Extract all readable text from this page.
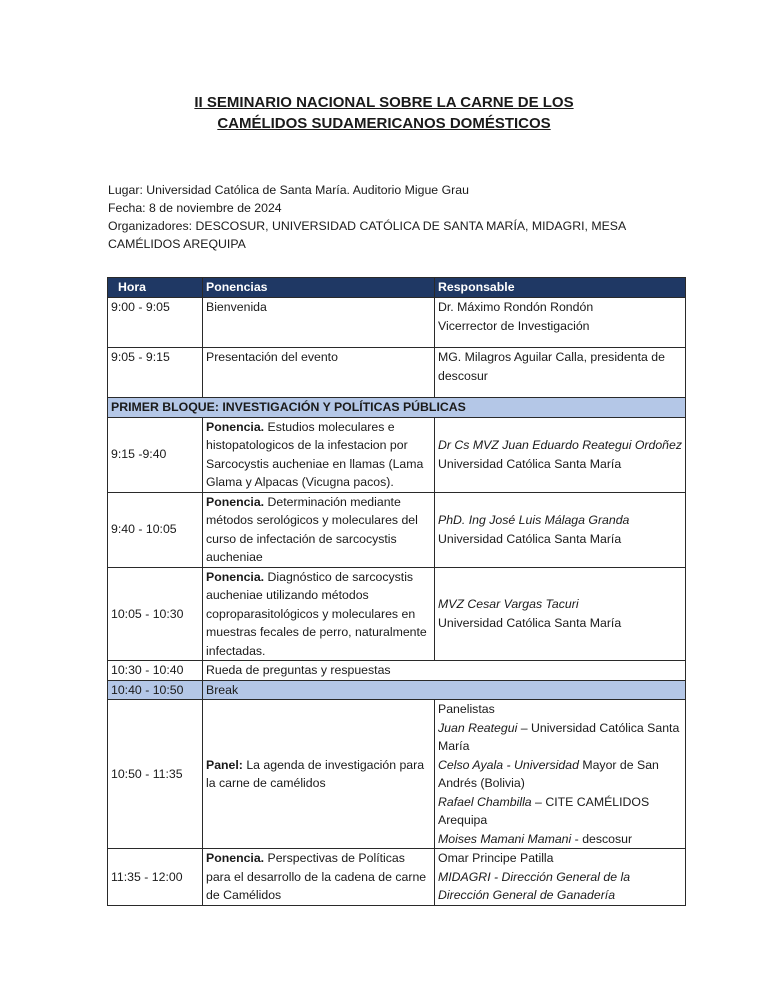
II SEMINARIO NACIONAL SOBRE LA CARNE DE LOS
CAMÉLIDOS SUDAMERICANOS DOMÉSTICOS
Lugar: Universidad Católica de Santa María. Auditorio Migue Grau
Fecha: 8 de noviembre de 2024
Organizadores: DESCOSUR, UNIVERSIDAD CATÓLICA DE SANTA MARÍA, MIDAGRI, MESA
CAMÉLIDOS AREQUIPA
Hora	Ponencias	Responsable
9:00 - 9:05	Bienvenida	Dr. Máximo Rondón Rondón
Vicerrector de Investigación

9:05 - 9:15	Presentación del evento	MG. Milagros Aguilar Calla, presidenta de
descosur

PRIMER BLOQUE: INVESTIGACIÓN Y POLÍTICAS PÚBLICAS		
9:15 -9:40	Ponencia. Estudios moleculares e histopatologicos de la infestacion por Sarcocystis aucheniae en llamas (Lama Glama y Alpacas (Vicugna pacos).	Dr Cs MVZ Juan Eduardo Reategui Ordoñez
Universidad Católica Santa María

9:40 - 10:05	Ponencia. Determinación mediante métodos serológicos y moleculares del curso de infectación de sarcocystis aucheniae	PhD. Ing José Luis Málaga Granda
Universidad Católica Santa María

10:05 - 10:30	Ponencia. Diagnóstico de sarcocystis aucheniae utilizando métodos coproparasitológicos y moleculares en muestras fecales de perro, naturalmente infectadas.	MVZ Cesar Vargas Tacuri
Universidad Católica Santa María

10:30 - 10:40	Rueda de preguntas y respuestas	
10:40 - 10:50	Break	
10:50 - 11:35	Panel: La agenda de investigación para la carne de camélidos	Panelistas
Juan Reategui – Universidad Católica Santa María
Celso Ayala - Universidad Mayor de San Andrés (Bolivia)
Rafael Chambilla – CITE CAMÉLIDOS Arequipa
Moises Mamani Mamani - descosur

11:35 - 12:00	Ponencia. Perspectivas de Políticas para el desarrollo de la cadena de carne de Camélidos	Omar Principe Patilla
MIDAGRI - Dirección General de la Dirección General de Ganadería
